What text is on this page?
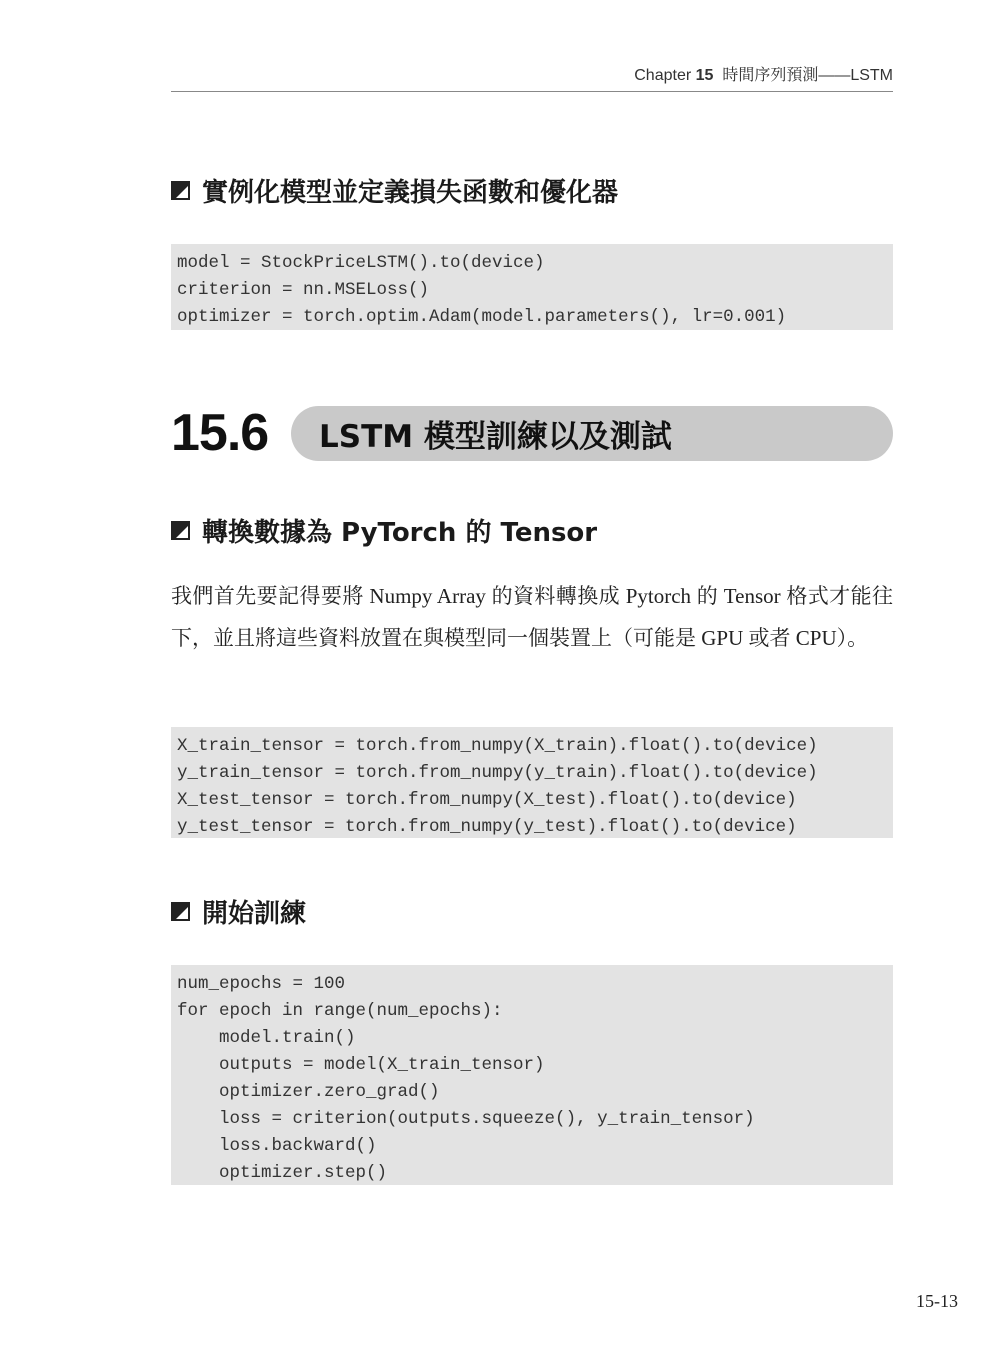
Chapter 15 時間序列預測——LSTM
實例化模型並定義損失函數和優化器
model = StockPriceLSTM().to(device)
criterion = nn.MSELoss()
optimizer = torch.optim.Adam(model.parameters(), lr=0.001)
15.6 LSTM 模型訓練以及測試
轉換數據為 PyTorch 的 Tensor
我們首先要記得要將 Numpy Array 的資料轉換成 Pytorch 的 Tensor 格式才能往下，並且將這些資料放置在與模型同一個裝置上（可能是 GPU 或者 CPU）。
X_train_tensor = torch.from_numpy(X_train).float().to(device)
y_train_tensor = torch.from_numpy(y_train).float().to(device)
X_test_tensor = torch.from_numpy(X_test).float().to(device)
y_test_tensor = torch.from_numpy(y_test).float().to(device)
開始訓練
num_epochs = 100
for epoch in range(num_epochs):
model.train()
outputs = model(X_train_tensor)
optimizer.zero_grad()
loss = criterion(outputs.squeeze(), y_train_tensor)
loss.backward()
optimizer.step()
15-13
